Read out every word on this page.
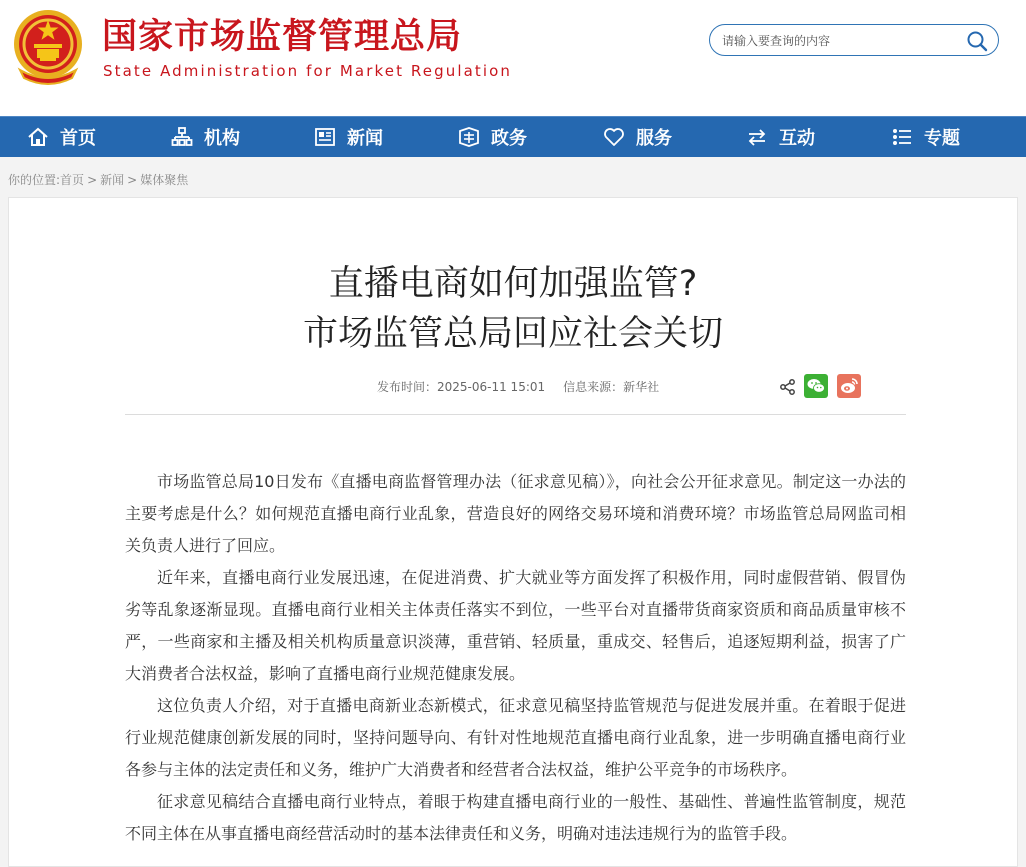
国家市场监督管理总局
State Administration for Market Regulation
请输入要查询的内容
首页	机构	新闻	政务	服务	互动	专题
你的位置:首页 > 新闻 > 媒体聚焦
直播电商如何加强监管?
市场监管总局回应社会关切
发布时间：2025-06-11 15:01 信息来源：新华社

市场监管总局10日发布《直播电商监督管理办法（征求意见稿）》，向社会公开征求意见。制定这一办法的主要考虑是什么？如何规范直播电商行业乱象，营造良好的网络交易环境和消费环境？市场监管总局网监司相关负责人进行了回应。

近年来，直播电商行业发展迅速，在促进消费、扩大就业等方面发挥了积极作用，同时虚假营销、假冒伪劣等乱象逐渐显现。直播电商行业相关主体责任落实不到位，一些平台对直播带货商家资质和商品质量审核不严，一些商家和主播及相关机构质量意识淡薄，重营销、轻质量，重成交、轻售后，追逐短期利益，损害了广大消费者合法权益，影响了直播电商行业规范健康发展。

这位负责人介绍，对于直播电商新业态新模式，征求意见稿坚持监管规范与促进发展并重。在着眼于促进行业规范健康创新发展的同时，坚持问题导向、有针对性地规范直播电商行业乱象，进一步明确直播电商行业各参与主体的法定责任和义务，维护广大消费者和经营者合法权益，维护公平竞争的市场秩序。

征求意见稿结合直播电商行业特点，着眼于构建直播电商行业的一般性、基础性、普遍性监管制度，规范不同主体在从事直播电商经营活动时的基本法律责任和义务，明确对违法违规行为的监管手段。
